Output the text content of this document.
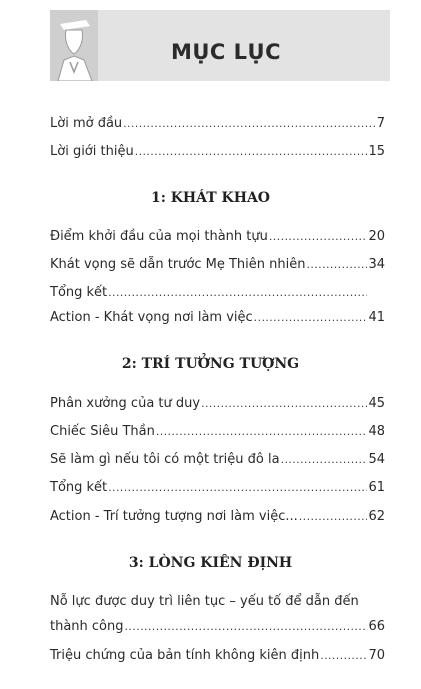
MỤC LỤC
Lời mở đầu .....	7
Lời giới thiệu .....	15
1: KHÁT KHAO
Điểm khởi đầu của mọi thành tựu .....	20
Khát vọng sẽ dẫn trước Mẹ Thiên nhiên .....	34
Tổng kết
.....
Action - Khát vọng nơi làm việc .....	41
2: TRÍ TƯỞNG TƯỢNG
Phân xưởng của tư duy .....	45
Chiếc Siêu Thần .....	48
Sẽ làm gì nếu tôi có một triệu đô la .....	54
Tổng kết .....	61
Action - Trí tưởng tượng nơi làm việc... .....	62
3: LÒNG KIÊN ĐỊNH
Nỗ lực được duy trì liên tục – yếu tố để dẫn đến
thành công .....	66
Triệu chứng của bản tính không kiên định .....	70
